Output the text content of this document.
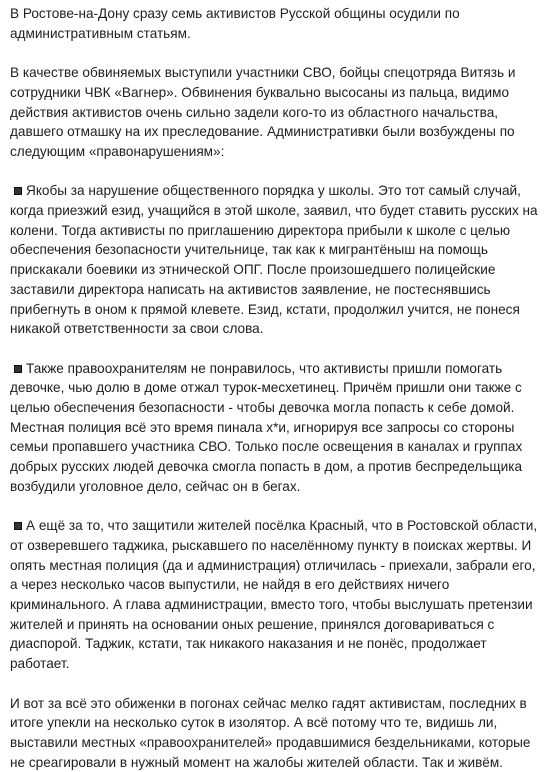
В Ростове-на-Дону сразу семь активистов Русской общины осудили по административным статьям.

В качестве обвиняемых выступили участники СВО, бойцы спецотряда Витязь и сотрудники ЧВК «Вагнер». Обвинения буквально высосаны из пальца, видимо действия активистов очень сильно задели кого-то из областного начальства, давшего отмашку на их преследование. Административки были возбуждены по следующим «правонарушениям»:

Якобы за нарушение общественного порядка у школы. Это тот самый случай, когда приезжий езид, учащийся в этой школе, заявил, что будет ставить русских на колени. Тогда активисты по приглашению директора прибыли к школе с целью обеспечения безопасности учительнице, так как к мигрантёныш на помощь прискакали боевики из этнической ОПГ. После произошедшего полицейские заставили директора написать на активистов заявление, не постеснявшись прибегнуть в оном к прямой клевете. Езид, кстати, продолжил учится, не понеся никакой ответственности за свои слова.

Также правоохранителям не понравилось, что активисты пришли помогать девочке, чью долю в доме отжал турок-месхетинец. Причём пришли они также с целью обеспечения безопасности - чтобы девочка могла попасть к себе домой. Местная полиция всё это время пинала х*и, игнорируя все запросы со стороны семьи пропавшего участника СВО. Только после освещения в каналах и группах добрых русских людей девочка смогла попасть в дом, а против беспредельщика возбудили уголовное дело, сейчас он в бегах.

А ещё за то, что защитили жителей посёлка Красный, что в Ростовской области, от озверевшего таджика, рыскавшего по населённому пункту в поисках жертвы. И опять местная полиция (да и администрация) отличилась - приехали, забрали его, а через несколько часов выпустили, не найдя в его действиях ничего криминального. А глава администрации, вместо того, чтобы выслушать претензии жителей и принять на основании оных решение, принялся договариваться с диаспорой. Таджик, кстати, так никакого наказания и не понёс, продолжает работает.

И вот за всё это обиженки в погонах сейчас мелко гадят активистам, последних в итоге упекли на несколько суток в изолятор. А всё потому что те, видишь ли, выставили местных «правоохранителей» продавшимися бездельниками, которые не среагировали в нужный момент на жалобы жителей области. Так и живём.
